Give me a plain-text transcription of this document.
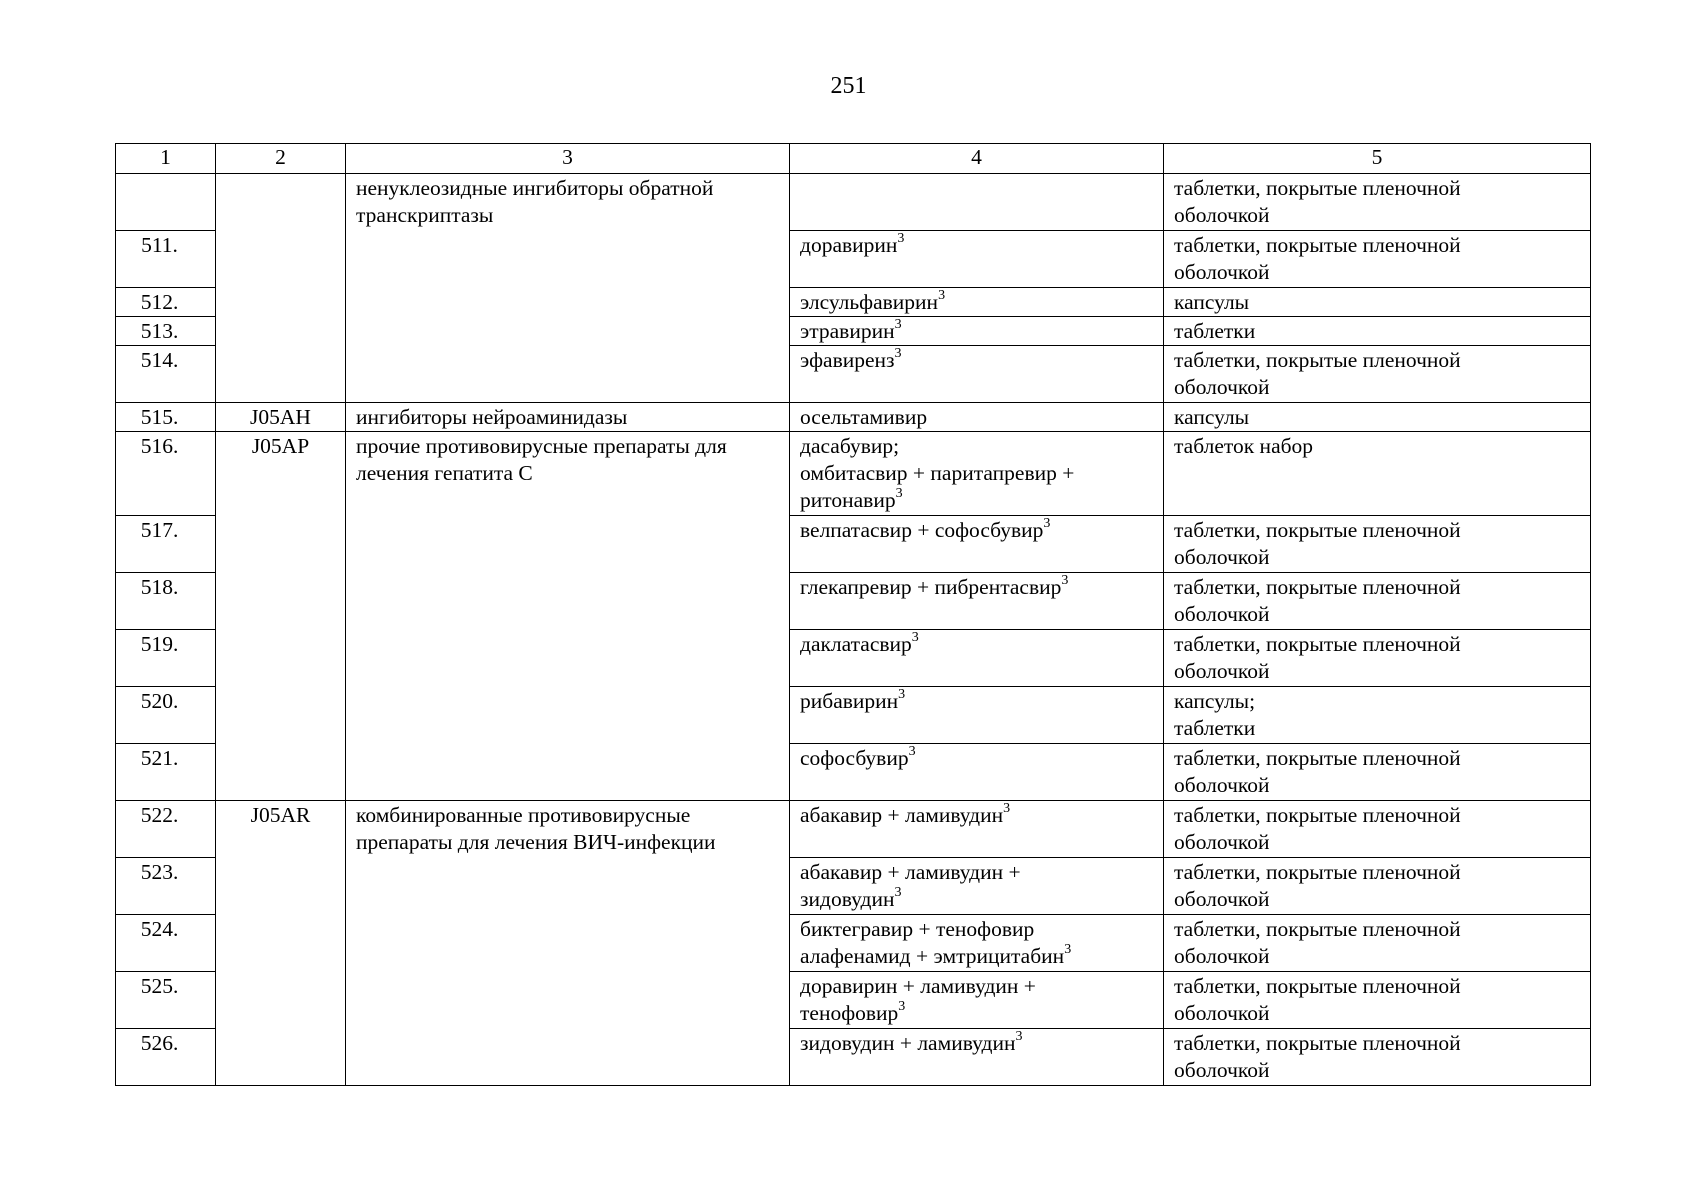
251
1	2	3	4	5

		ненуклеозидные ингибиторы обратной
транскриптазы		таблетки, покрытые пленочной
оболочкой

511.			доравирин$^3$	таблетки, покрытые пленочной
оболочкой

512.			элсульфавирин$^3$	капсулы
513.			этравирин$^3$	таблетки
514.			эфавиренз$^3$	таблетки, покрытые пленочной
оболочкой

515.	J05AH	ингибиторы нейроаминидазы	осельтамивир	капсулы
516.	J05AP	прочие противовирусные препараты для
лечения гепатита С	дасабувир;
омбитасвир + паритапревир +
ритонавир$^3$	таблеток набор
517.			велпатасвир + софосбувир$^3$	таблетки, покрытые пленочной
оболочкой

518.			глекапревир + пибрентасвир$^3$	таблетки, покрытые пленочной
оболочкой

519.			даклатасвир$^3$	таблетки, покрытые пленочной
оболочкой

520.			рибавирин$^3$	капсулы;
таблетки

521.			софосбувир$^3$	таблетки, покрытые пленочной
оболочкой

522.	J05AR	комбинированные противовирусные
препараты для лечения ВИЧ-инфекции	абакавир + ламивудин$^3$	таблетки, покрытые пленочной
оболочкой

523.			абакавир + ламивудин +
зидовудин$^3$	таблетки, покрытые пленочной
оболочкой

524.			биктегравир + тенофовир
алафенамид + эмтрицитабин$^3$	таблетки, покрытые пленочной
оболочкой

525.			доравирин + ламивудин +
тенофовир$^3$	таблетки, покрытые пленочной
оболочкой

526.			зидовудин + ламивудин$^3$	таблетки, покрытые пленочной
оболочкой
